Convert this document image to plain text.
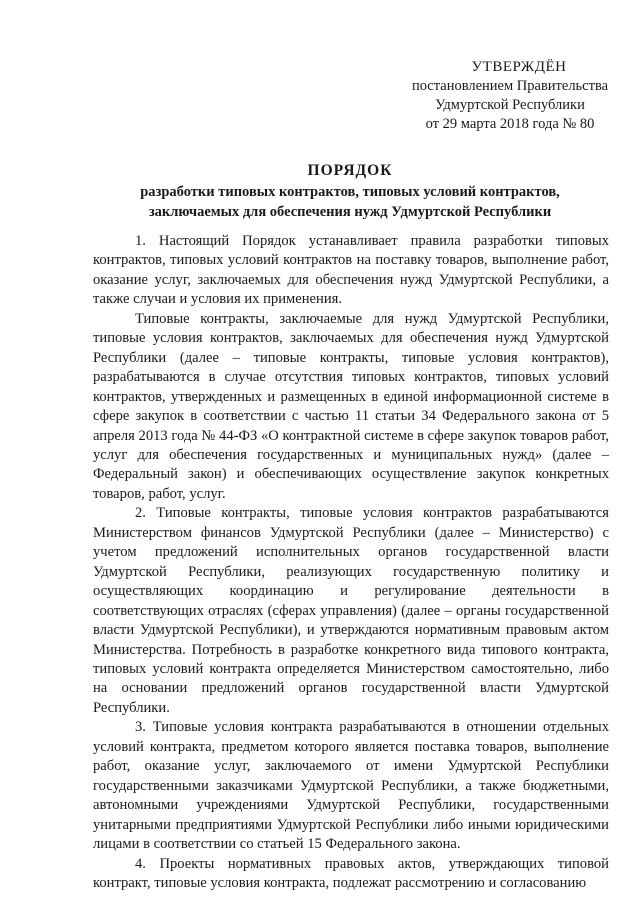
УТВЕРЖДЁН
постановлением Правительства
Удмуртской Республики
от 29 марта 2018 года № 80
ПОРЯДОК
разработки типовых контрактов, типовых условий контрактов,
заключаемых для обеспечения нужд Удмуртской Республики

1. Настоящий Порядок устанавливает правила разработки типовых контрактов, типовых условий контрактов на поставку товаров, выполнение работ, оказание услуг, заключаемых для обеспечения нужд Удмуртской Республики, а также случаи и условия их применения.

Типовые контракты, заключаемые для нужд Удмуртской Республики, типовые условия контрактов, заключаемых для обеспечения нужд Удмуртской Республики (далее – типовые контракты, типовые условия контрактов), разрабатываются в случае отсутствия типовых контрактов, типовых условий контрактов, утвержденных и размещенных в единой информационной системе в сфере закупок в соответствии с частью 11 статьи 34 Федерального закона от 5 апреля 2013 года № 44-ФЗ «О контрактной системе в сфере закупок товаров работ, услуг для обеспечения государственных и муниципальных нужд» (далее – Федеральный закон) и обеспечивающих осуществление закупок конкретных товаров, работ, услуг.

2. Типовые контракты, типовые условия контрактов разрабатываются Министерством финансов Удмуртской Республики (далее – Министерство) с учетом предложений исполнительных органов государственной власти Удмуртской Республики, реализующих государственную политику и осуществляющих координацию и регулирование деятельности в соответствующих отраслях (сферах управления) (далее – органы государственной власти Удмуртской Республики), и утверждаются нормативным правовым актом Министерства. Потребность в разработке конкретного вида типового контракта, типовых условий контракта определяется Министерством самостоятельно, либо на основании предложений органов государственной власти Удмуртской Республики.

3. Типовые условия контракта разрабатываются в отношении отдельных условий контракта, предметом которого является поставка товаров, выполнение работ, оказание услуг, заключаемого от имени Удмуртской Республики государственными заказчиками Удмуртской Республики, а также бюджетными, автономными учреждениями Удмуртской Республики, государственными унитарными предприятиями Удмуртской Республики либо иными юридическими лицами в соответствии со статьей 15 Федерального закона.

4. Проекты нормативных правовых актов, утверждающих типовой контракт, типовые условия контракта, подлежат рассмотрению и согласованию
